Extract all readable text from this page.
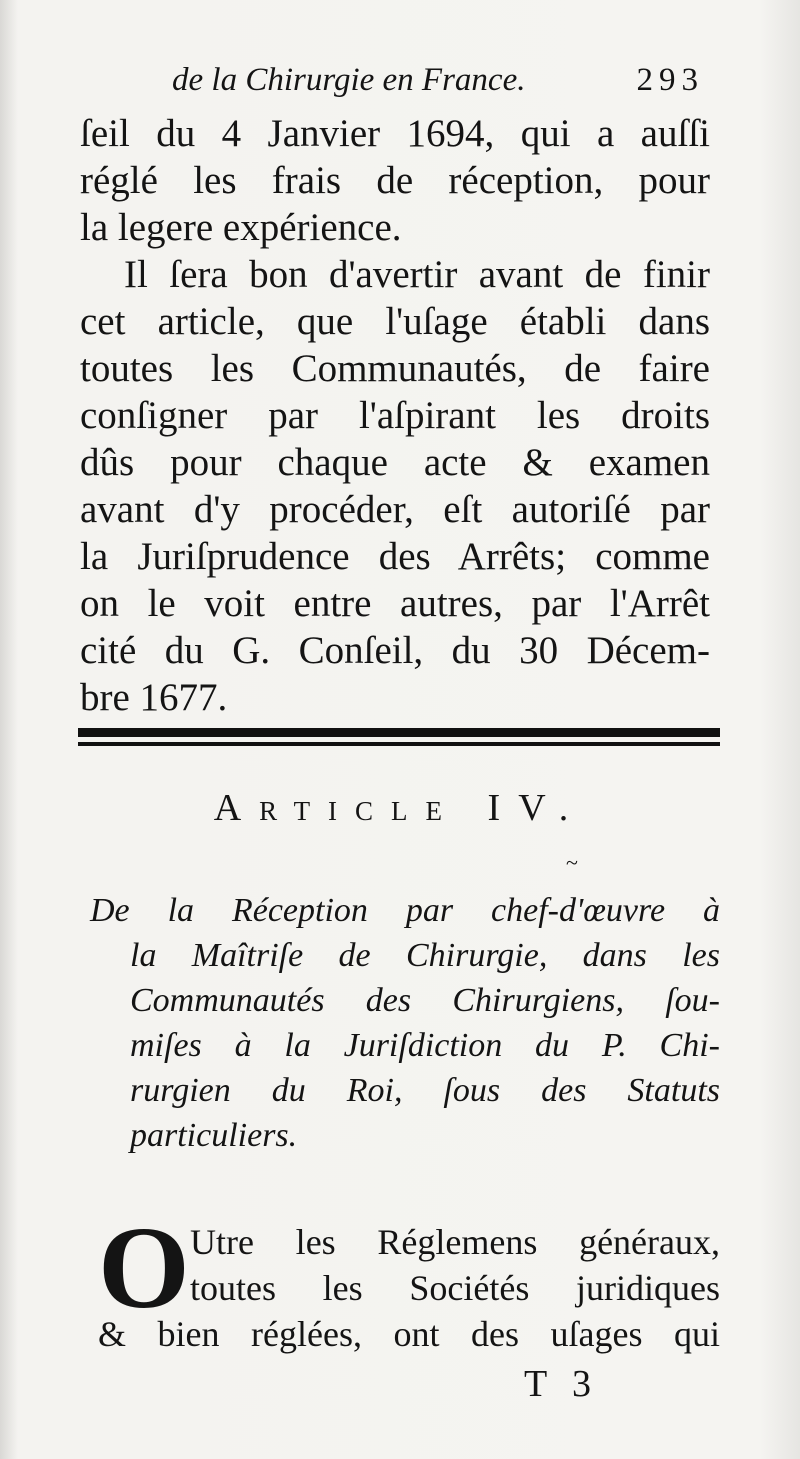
de la Chirurgie en France.	293
ſeil du 4 Janvier 1694, qui a auſſi
réglé les frais de réception, pour
la legere expérience.
Il ſera bon d'avertir avant de finir
cet article, que l'uſage établi dans
toutes les Communautés, de faire
conſigner par l'aſpirant les droits
dûs pour chaque acte & examen
avant d'y procéder, eſt autoriſé par
la Juriſprudence des Arrêts; comme
on le voit entre autres, par l'Arrêt
cité du G. Conſeil, du 30 Décem-
bre 1677.
Article IV.
~
De la Réception par chef-d'œuvre à
la Maîtriſe de Chirurgie, dans les
Communautés des Chirurgiens, ſou-
miſes à la Juriſdiction du P. Chi-
rurgien du Roi, ſous des Statuts
particuliers.
O Utre les Réglemens généraux,
toutes les Sociétés juridiques
& bien réglées, ont des uſages qui
T 3
